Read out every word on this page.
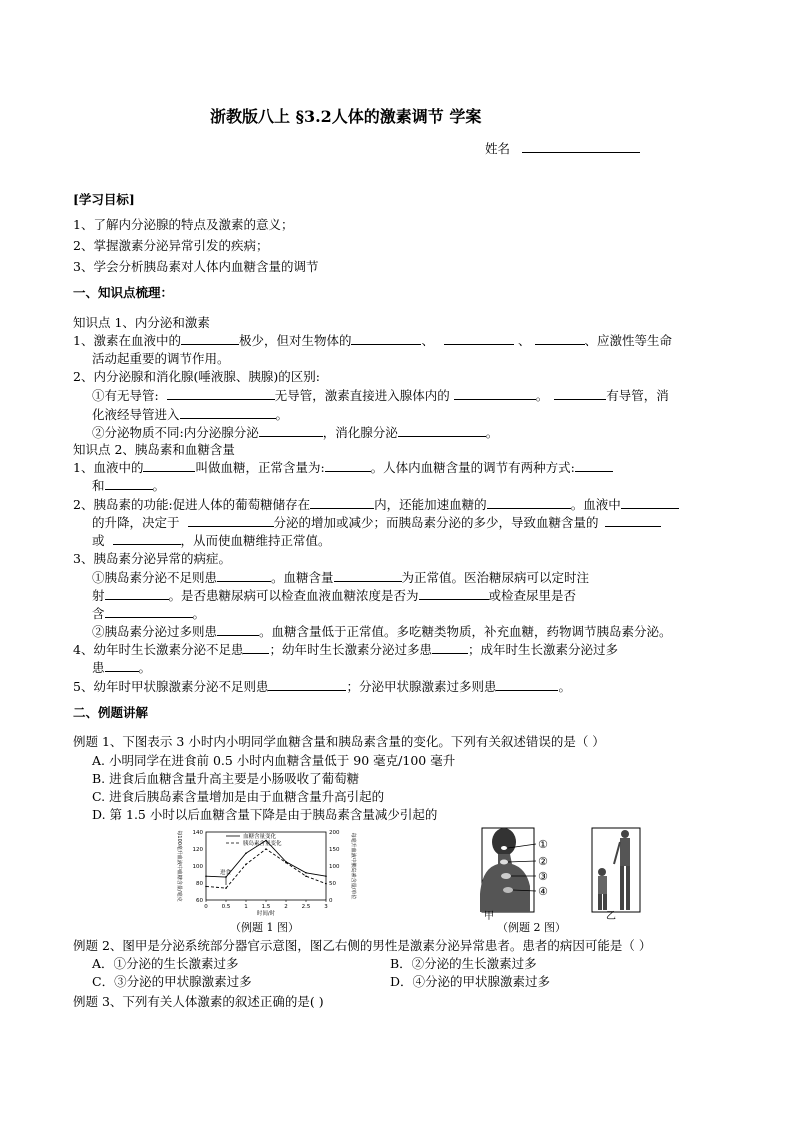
浙教版八上 §3.2人体的激素调节 学案
姓名
[学习目标]
1、了解内分泌腺的特点及激素的意义；
2、掌握激素分泌异常引发的疾病；
3、学会分析胰岛素对人体内血糖含量的调节
一、知识点梳理：
知识点 1、内分泌和激素
1、激素在血液中的	极少，但对生物体的	、	、	、应激性等生命
活动起重要的调节作用。
2、内分泌腺和消化腺(唾液腺、胰腺)的区别:
①有无导管:	无导管，激素直接进入腺体内的	。	有导管，消
化液经导管进入	。
②分泌物质不同:内分泌腺分泌	，消化腺分泌	。
知识点 2、胰岛素和血糖含量
1、血液中的	叫做血糖，正常含量为:	。人体内血糖含量的调节有两种方式:
和	。
2、胰岛素的功能:促进人体的葡萄糖储存在	内，还能加速血糖的	。血液中
的升降，决定于	分泌的增加或减少；而胰岛素分泌的多少，导致血糖含量的
或	，从而使血糖维持正常值。
3、胰岛素分泌异常的病症。
①胰岛素分泌不足则患	。血糖含量	为正常值。医治糖尿病可以定时注
射	。是否患糖尿病可以检查血液血糖浓度是否为	或检查尿里是否
含	。
②胰岛素分泌过多则患	。血糖含量低于正常值。多吃糖类物质，补充血糖，药物调节胰岛素分泌。
4、幼年时生长激素分泌不足患 ；幼年时生长激素分泌过多患	；成年时生长激素分泌过多
患	。
5、幼年时甲状腺激素分泌不足则患	；分泌甲状腺激素过多则患	。
二、例题讲解
例题 1、下图表示 3 小时内小明同学血糖含量和胰岛素含量的变化。下列有关叙述错误的是（ ）
A. 小明同学在进食前 0.5 小时内血糖含量低于 90 毫克/100 毫升
B. 进食后血糖含量升高主要是小肠吸收了葡萄糖
C. 进食后胰岛素含量增加是由于血糖含量升高引起的
D. 第 1.5 小时以后血糖含量下降是由于胰岛素含量减少引起的
0	0.5	1	1.5	2	2.5	3
时间/时
60
80
100
120
140
0
50
100
150
200
每100毫升血液中血糖含量/毫克	每毫升血液中胰岛素含量/单位
血糖含量变化
胰岛素含量变化
进食
（例题 1 图）
①
②
③
④
甲	乙
（例题 2 图）
例题 2、图甲是分泌系统部分器官示意图，图乙右侧的男性是激素分泌异常患者。患者的病因可能是（ ）
A．①分泌的生长激素过多	B．②分泌的生长激素过多
C．③分泌的甲状腺激素过多	D．④分泌的甲状腺激素过多
例题 3、下列有关人体激素的叙述正确的是( )
